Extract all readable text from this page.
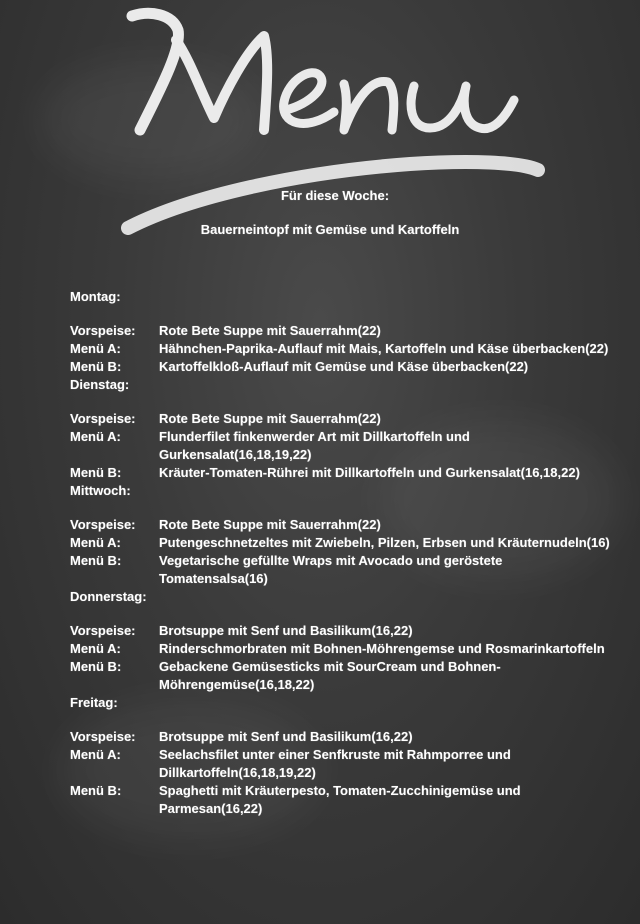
Für diese Woche:
Bauerneintopf mit Gemüse und Kartoffeln
Montag:
Vorspeise:	Rote Bete Suppe mit Sauerrahm(22)
Menü A:	Hähnchen-Paprika-Auflauf mit Mais, Kartoffeln und Käse überbacken(22)
Menü B:	Kartoffelkloß-Auflauf mit Gemüse und Käse überbacken(22)
Dienstag:
Vorspeise:	Rote Bete Suppe mit Sauerrahm(22)
Menü A:	Flunderfilet finkenwerder Art mit Dillkartoffeln und Gurkensalat(16,18,19,22)
Menü B:	Kräuter-Tomaten-Rührei mit Dillkartoffeln und Gurkensalat(16,18,22)
Mittwoch:
Vorspeise:	Rote Bete Suppe mit Sauerrahm(22)
Menü A:	Putengeschnetzeltes mit Zwiebeln, Pilzen, Erbsen und Kräuternudeln(16)
Menü B:	Vegetarische gefüllte Wraps mit Avocado und geröstete Tomatensalsa(16)
Donnerstag:
Vorspeise:	Brotsuppe mit Senf und Basilikum(16,22)
Menü A:	Rinderschmorbraten mit Bohnen-Möhrengemse und Rosmarinkartoffeln
Menü B:	Gebackene Gemüsesticks mit SourCream und Bohnen-Möhrengemüse(16,18,22)
Freitag:
Vorspeise:	Brotsuppe mit Senf und Basilikum(16,22)
Menü A:	Seelachsfilet unter einer Senfkruste mit Rahmporree und Dillkartoffeln(16,18,19,22)
Menü B:	Spaghetti mit Kräuterpesto, Tomaten-Zucchinigemüse und Parmesan(16,22)
